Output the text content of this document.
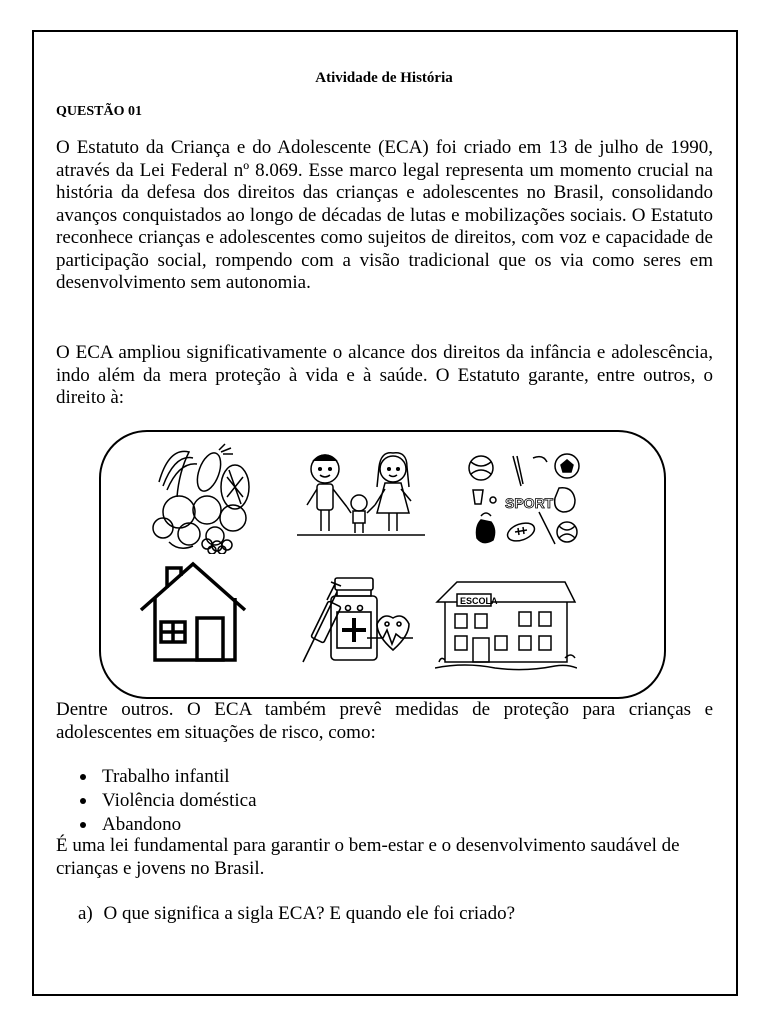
Atividade de História
QUESTÃO 01
O Estatuto da Criança e do Adolescente (ECA) foi criado em 13 de julho de 1990, através da Lei Federal nº 8.069. Esse marco legal representa um momento crucial na história da defesa dos direitos das crianças e adolescentes no Brasil, consolidando avanços conquistados ao longo de décadas de lutas e mobilizações sociais. O Estatuto reconhece crianças e adolescentes como sujeitos de direitos, com voz e capacidade de participação social, rompendo com a visão tradicional que os via como seres em desenvolvimento sem autonomia.
O ECA ampliou significativamente o alcance dos direitos da infância e adolescência, indo além da mera proteção à vida e à saúde. O Estatuto garante, entre outros, o direito à:
SPORT
ESCOLA
Dentre outros. O ECA também prevê medidas de proteção para crianças e adolescentes em situações de risco, como:
Trabalho infantil
Violência doméstica
Abandono
É uma lei fundamental para garantir o bem-estar e o desenvolvimento saudável de crianças e jovens no Brasil.
a) O que significa a sigla ECA? E quando ele foi criado?
